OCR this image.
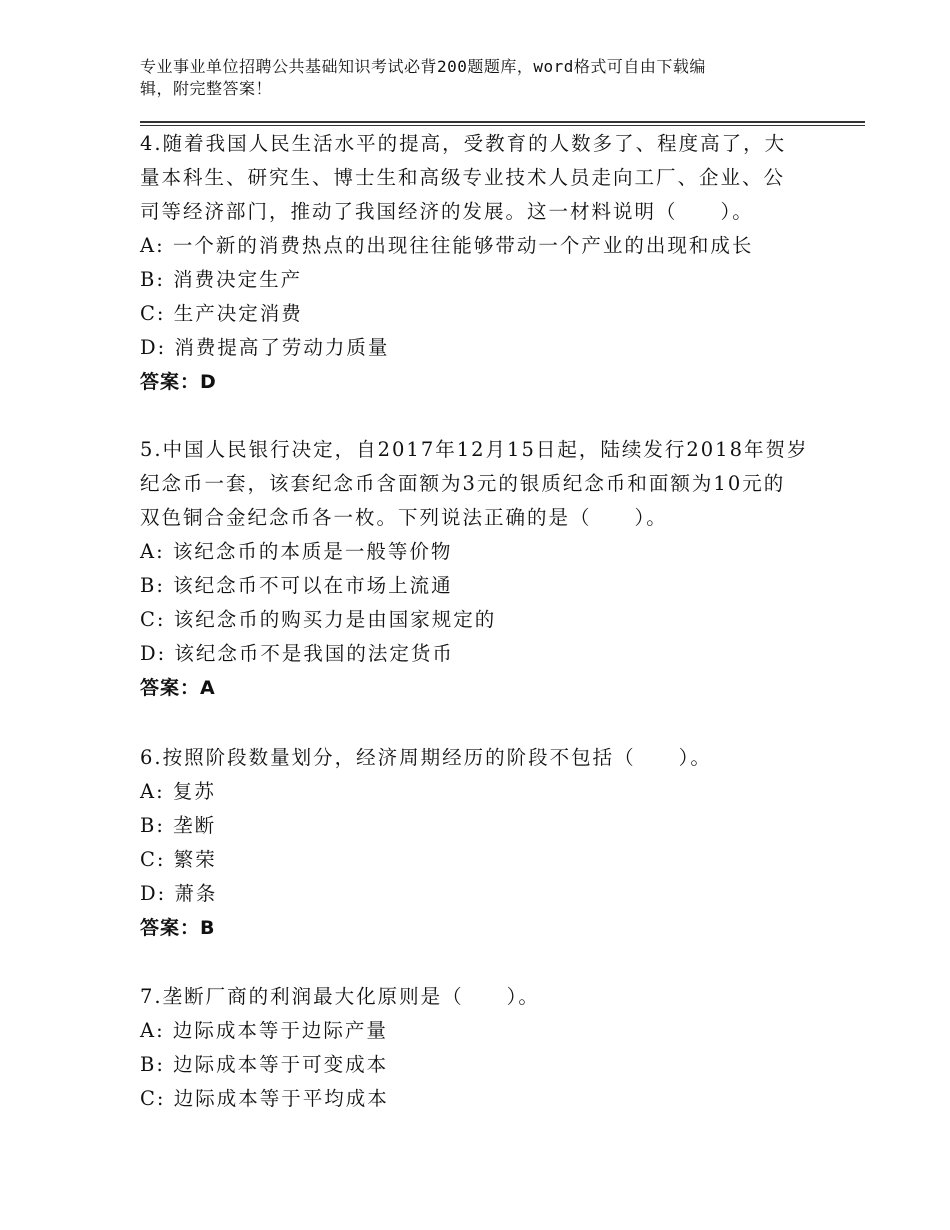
专业事业单位招聘公共基础知识考试必背200题题库，word格式可自由下载编
辑，附完整答案！

4.随着我国人民生活水平的提高，受教育的人数多了、程度高了，大
量本科生、研究生、博士生和高级专业技术人员走向工厂、企业、公
司等经济部门，推动了我国经济的发展。这一材料说明（　　）。

A: 一个新的消费热点的出现往往能够带动一个产业的出现和成长
B: 消费决定生产
C: 生产决定消费
D: 消费提高了劳动力质量
答案：D

5.中国人民银行决定，自2017年12月15日起，陆续发行2018年贺岁
纪念币一套，该套纪念币含面额为3元的银质纪念币和面额为10元的
双色铜合金纪念币各一枚。下列说法正确的是（　　）。

A: 该纪念币的本质是一般等价物
B: 该纪念币不可以在市场上流通
C: 该纪念币的购买力是由国家规定的
D: 该纪念币不是我国的法定货币
答案：A

6.按照阶段数量划分，经济周期经历的阶段不包括（　　）。

A: 复苏
B: 垄断
C: 繁荣
D: 萧条
答案：B

7.垄断厂商的利润最大化原则是（　　）。

A: 边际成本等于边际产量
B: 边际成本等于可变成本
C: 边际成本等于平均成本
